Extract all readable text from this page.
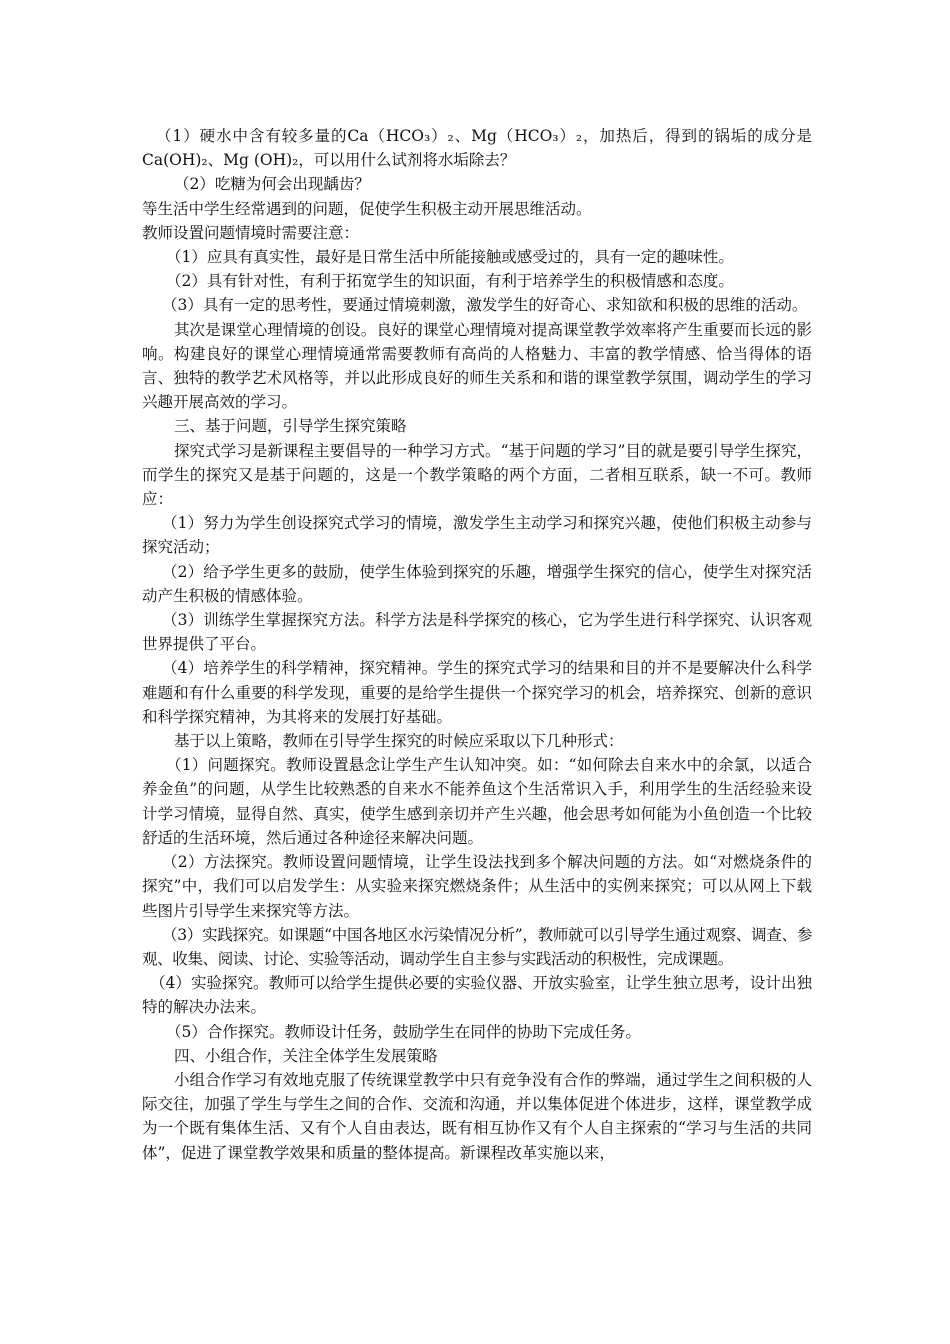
（1）硬水中含有较多量的Ca（HCO₃）₂、Mg（HCO₃）₂，加热后，得到的锅垢的成分是Ca(OH)₂、Mg (OH)₂，可以用什么试剂将水垢除去？

（2）吃糖为何会出现龋齿？

等生活中学生经常遇到的问题，促使学生积极主动开展思维活动。

教师设置问题情境时需要注意：

（1）应具有真实性，最好是日常生活中所能接触或感受过的，具有一定的趣味性。

（2）具有针对性，有利于拓宽学生的知识面，有利于培养学生的积极情感和态度。

（3）具有一定的思考性，要通过情境刺激，激发学生的好奇心、求知欲和积极的思维的活动。

其次是课堂心理情境的创设。良好的课堂心理情境对提高课堂教学效率将产生重要而长远的影响。构建良好的课堂心理情境通常需要教师有高尚的人格魅力、丰富的教学情感、恰当得体的语言、独特的教学艺术风格等，并以此形成良好的师生关系和和谐的课堂教学氛围，调动学生的学习兴趣开展高效的学习。

三、基于问题，引导学生探究策略

探究式学习是新课程主要倡导的一种学习方式。“基于问题的学习”目的就是要引导学生探究，而学生的探究又是基于问题的，这是一个教学策略的两个方面，二者相互联系，缺一不可。教师应：

（1）努力为学生创设探究式学习的情境，激发学生主动学习和探究兴趣，使他们积极主动参与探究活动；

（2）给予学生更多的鼓励，使学生体验到探究的乐趣，增强学生探究的信心，使学生对探究活动产生积极的情感体验。

（3）训练学生掌握探究方法。科学方法是科学探究的核心，它为学生进行科学探究、认识客观世界提供了平台。

（4）培养学生的科学精神，探究精神。学生的探究式学习的结果和目的并不是要解决什么科学难题和有什么重要的科学发现，重要的是给学生提供一个探究学习的机会，培养探究、创新的意识和科学探究精神，为其将来的发展打好基础。

基于以上策略，教师在引导学生探究的时候应采取以下几种形式：

（1）问题探究。教师设置悬念让学生产生认知冲突。如：“如何除去自来水中的余氯，以适合养金鱼”的问题，从学生比较熟悉的自来水不能养鱼这个生活常识入手，利用学生的生活经验来设计学习情境，显得自然、真实，使学生感到亲切并产生兴趣，他会思考如何能为小鱼创造一个比较舒适的生活环境，然后通过各种途径来解决问题。

（2）方法探究。教师设置问题情境，让学生设法找到多个解决问题的方法。如“对燃烧条件的探究”中，我们可以启发学生：从实验来探究燃烧条件；从生活中的实例来探究；可以从网上下载些图片引导学生来探究等方法。

（3）实践探究。如课题“中国各地区水污染情况分析”，教师就可以引导学生通过观察、调查、参观、收集、阅读、讨论、实验等活动，调动学生自主参与实践活动的积极性，完成课题。

（4）实验探究。教师可以给学生提供必要的实验仪器、开放实验室，让学生独立思考，设计出独特的解决办法来。

（5）合作探究。教师设计任务，鼓励学生在同伴的协助下完成任务。

四、小组合作，关注全体学生发展策略

小组合作学习有效地克服了传统课堂教学中只有竞争没有合作的弊端，通过学生之间积极的人际交往，加强了学生与学生之间的合作、交流和沟通，并以集体促进个体进步，这样，课堂教学成为一个既有集体生活、又有个人自由表达，既有相互协作又有个人自主探索的“学习与生活的共同体”，促进了课堂教学效果和质量的整体提高。新课程改革实施以来，
